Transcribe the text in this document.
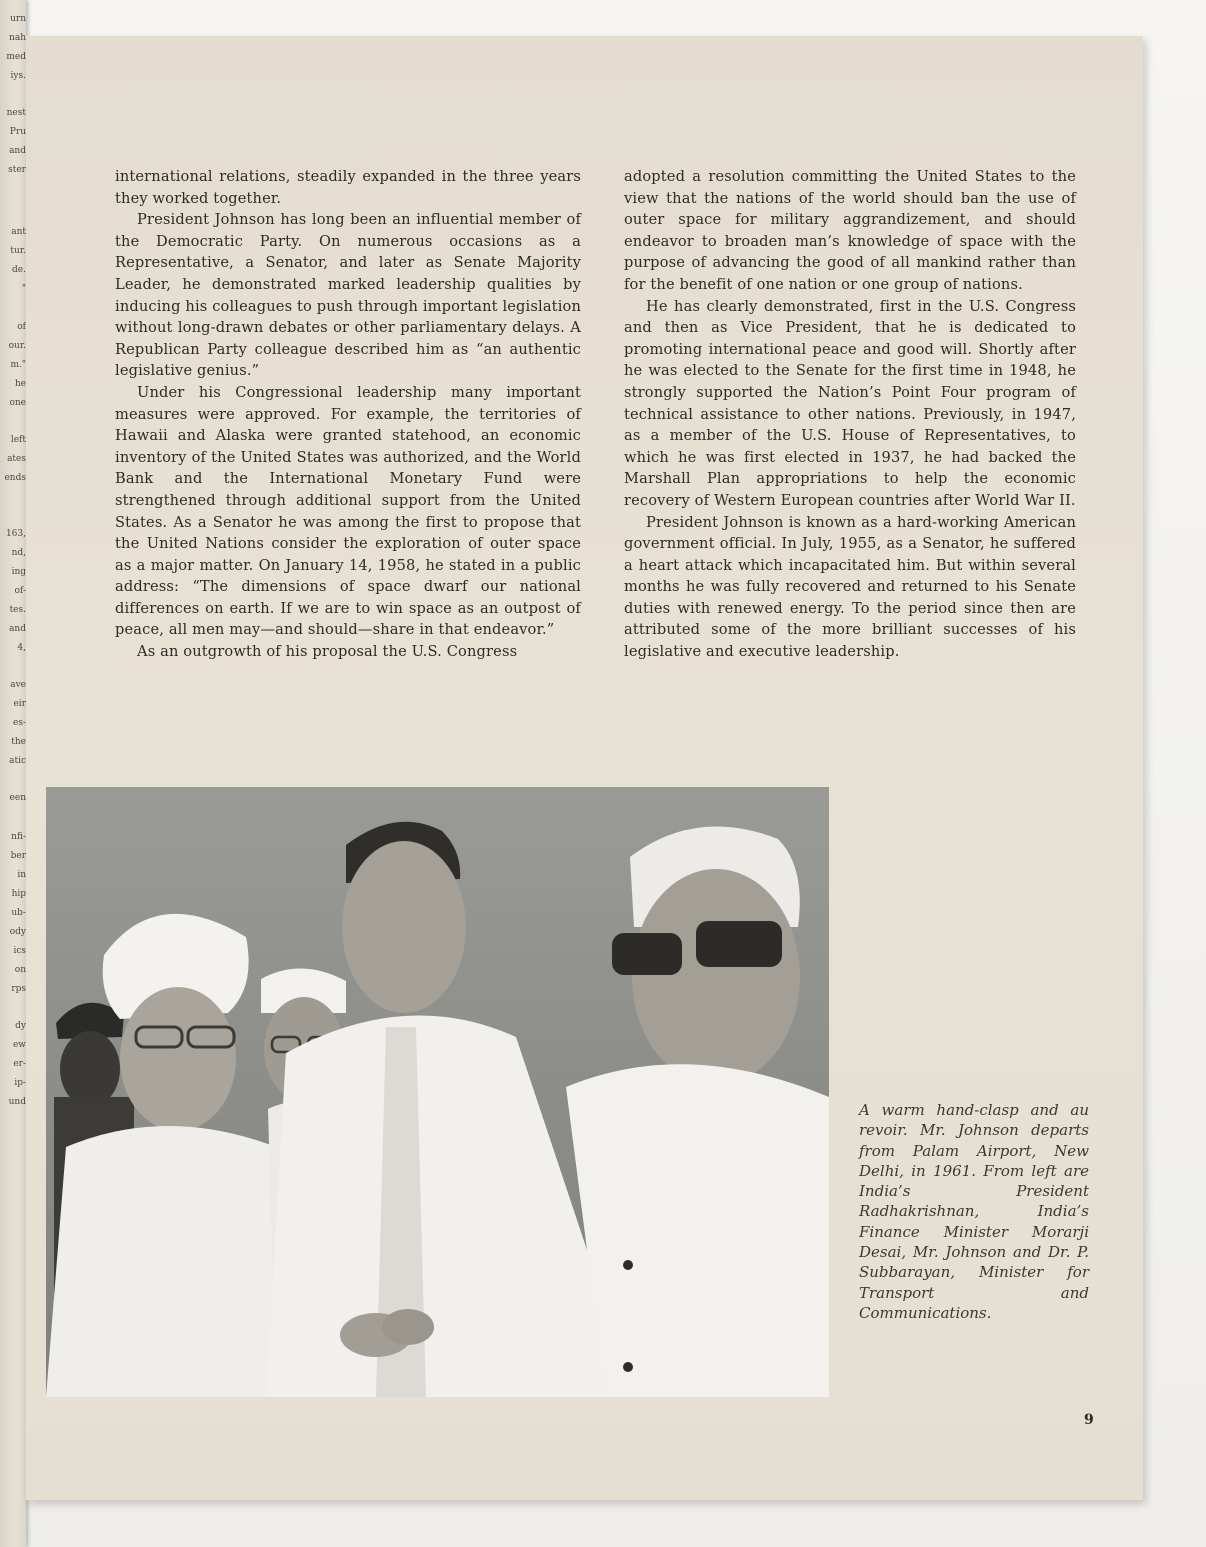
urn
nah
med
iys.
nest
Pru
and
ster
ant
tur.
de.
"
of
our.
m."
he
one
left
ates
ends
163,
nd,
ing
of-
tes.
and
4,
ave
eir
es-
the
atic
een
nfi-
ber
in
hip
ub-
ody
ics
on
rps
dy
ew
er-
ip-
und

international relations, steadily expanded in the three years they worked together.

President Johnson has long been an influential member of the Democratic Party. On numerous occasions as a Representative, a Senator, and later as Senate Majority Leader, he demonstrated marked leadership qualities by inducing his colleagues to push through important legislation without long-drawn debates or other parliamentary delays. A Republican Party colleague described him as “an authentic legislative genius.”

Under his Congressional leadership many important measures were approved. For example, the territories of Hawaii and Alaska were granted statehood, an economic inventory of the United States was authorized, and the World Bank and the International Monetary Fund were strengthened through additional support from the United States. As a Senator he was among the first to propose that the United Nations consider the exploration of outer space as a major matter. On January 14, 1958, he stated in a public address: “The dimensions of space dwarf our national differences on earth. If we are to win space as an outpost of peace, all men may—and should—share in that endeavor.”

As an outgrowth of his proposal the U.S. Congress

adopted a resolution committing the United States to the view that the nations of the world should ban the use of outer space for military aggrandizement, and should endeavor to broaden man’s knowledge of space with the purpose of advancing the good of all mankind rather than for the benefit of one nation or one group of nations.

He has clearly demonstrated, first in the U.S. Congress and then as Vice President, that he is dedicated to promoting international peace and good will. Shortly after he was elected to the Senate for the first time in 1948, he strongly supported the Nation’s Point Four program of technical assistance to other nations. Previously, in 1947, as a member of the U.S. House of Representatives, to which he was first elected in 1937, he had backed the Marshall Plan appropriations to help the economic recovery of Western European countries after World War II.

President Johnson is known as a hard-working American government official. In July, 1955, as a Senator, he suffered a heart attack which incapacitated him. But within several months he was fully recovered and returned to his Senate duties with renewed energy. To the period since then are attributed some of the more brilliant successes of his legislative and executive leadership.

A warm hand-clasp and au revoir. Mr. Johnson departs from Palam Airport, New Delhi, in 1961. From left are India’s President Radhakrishnan, India’s Finance Minister Morarji Desai, Mr. Johnson and Dr. P. Subbarayan, Minister for Transport and Communications.
9
